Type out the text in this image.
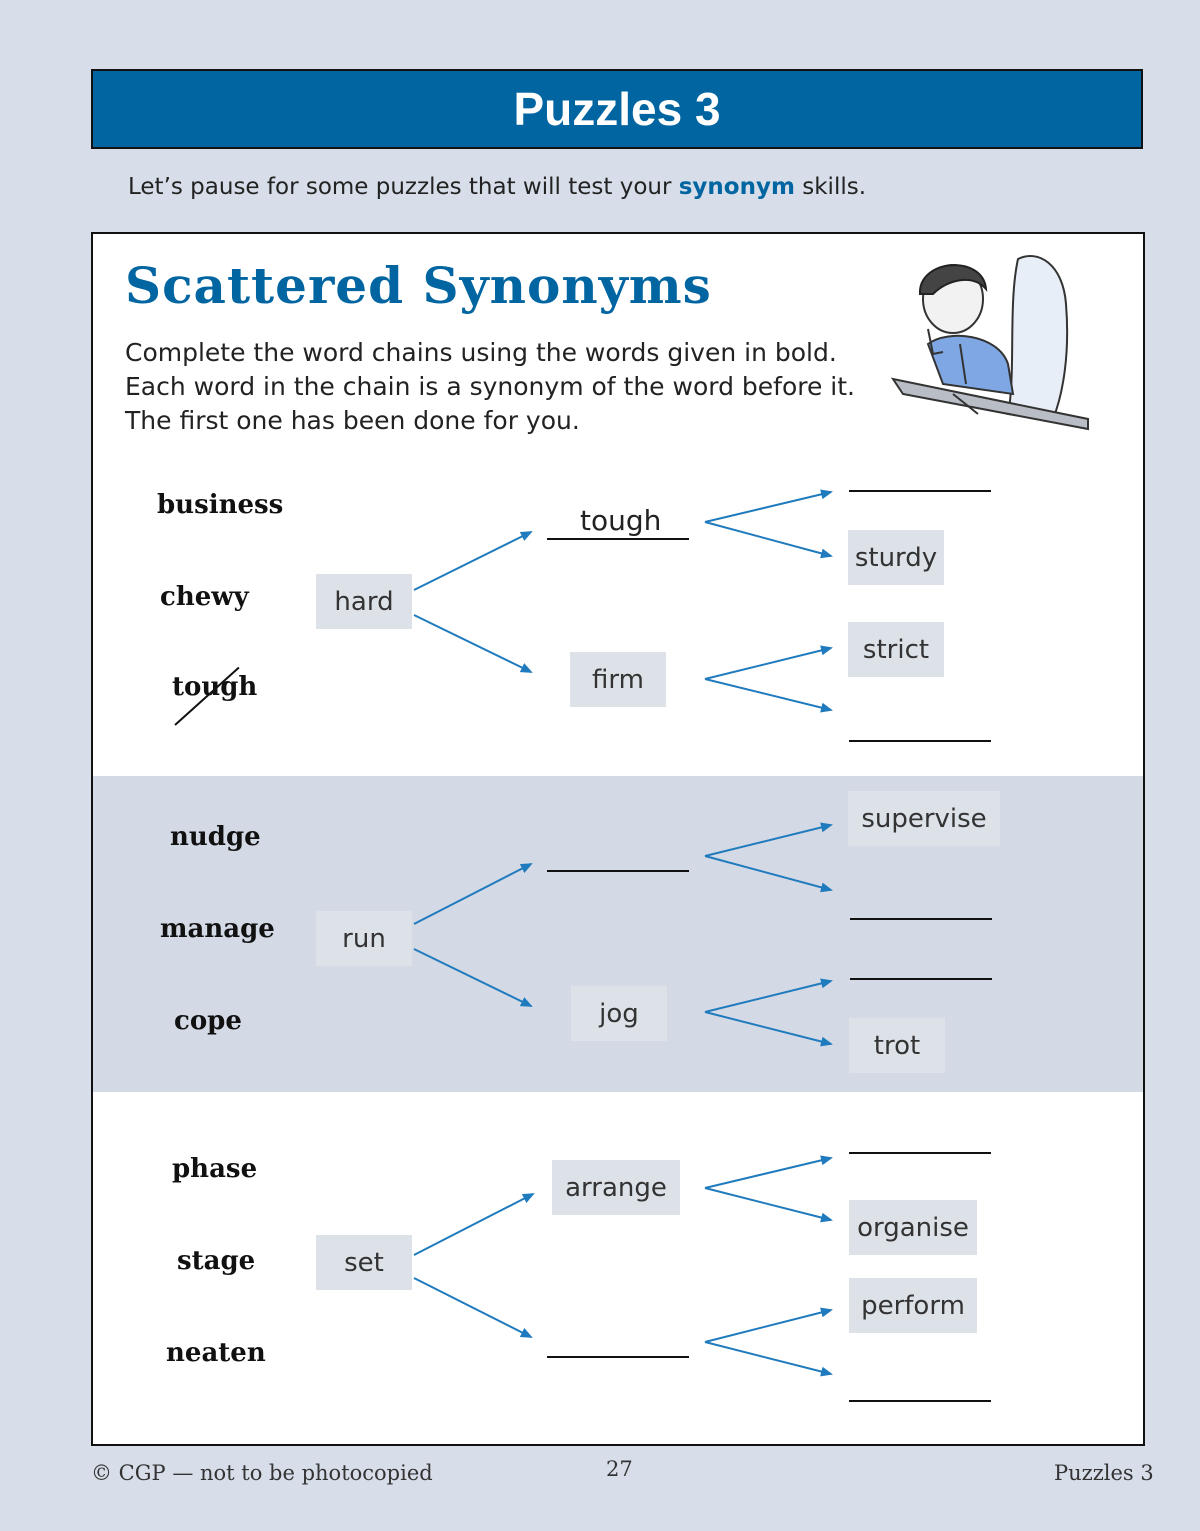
Puzzles 3
Let’s pause for some puzzles that will test your synonym skills.
Scattered Synonyms
Complete the word chains using the words given in bold.
Each word in the chain is a synonym of the word before it.
The first one has been done for you.
business
chewy
tough
hard
tough
firm
sturdy
strict
nudge
manage
cope
run
jog
supervise
trot
phase
stage
neaten
set
arrange
organise
perform
© CGP — not to be photocopied	27	Puzzles 3
